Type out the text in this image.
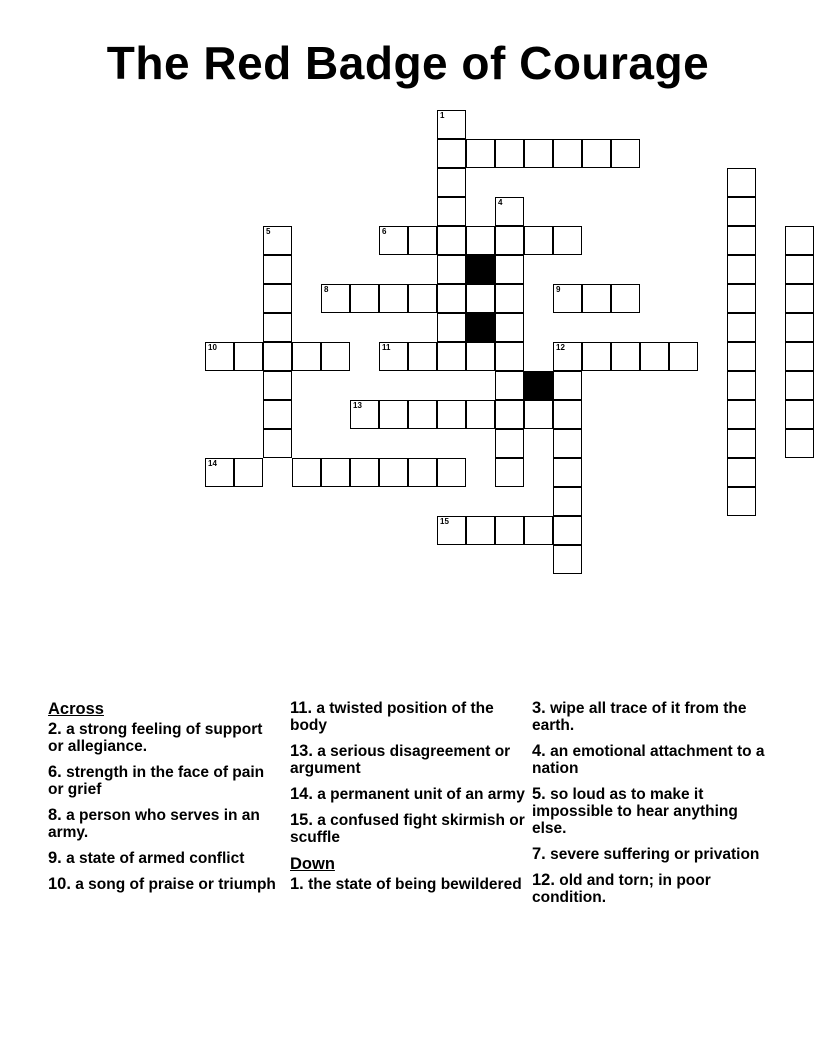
The Red Badge of Courage
1
4
6
5
8	9
10	11	12
13
14
15
Across
2. a strong feeling of support or allegiance.
6. strength in the face of pain or grief
8. a person who serves in an army.
9. a state of armed conflict
10. a song of praise or triumph
11. a twisted position of the body
13. a serious disagreement or argument
14. a permanent unit of an army
15. a confused fight skirmish or scuffle
Down
1. the state of being bewildered
3. wipe all trace of it from the earth.
4. an emotional attachment to a nation
5. so loud as to make it impossible to hear anything else.
7. severe suffering or privation
12. old and torn; in poor condition.
